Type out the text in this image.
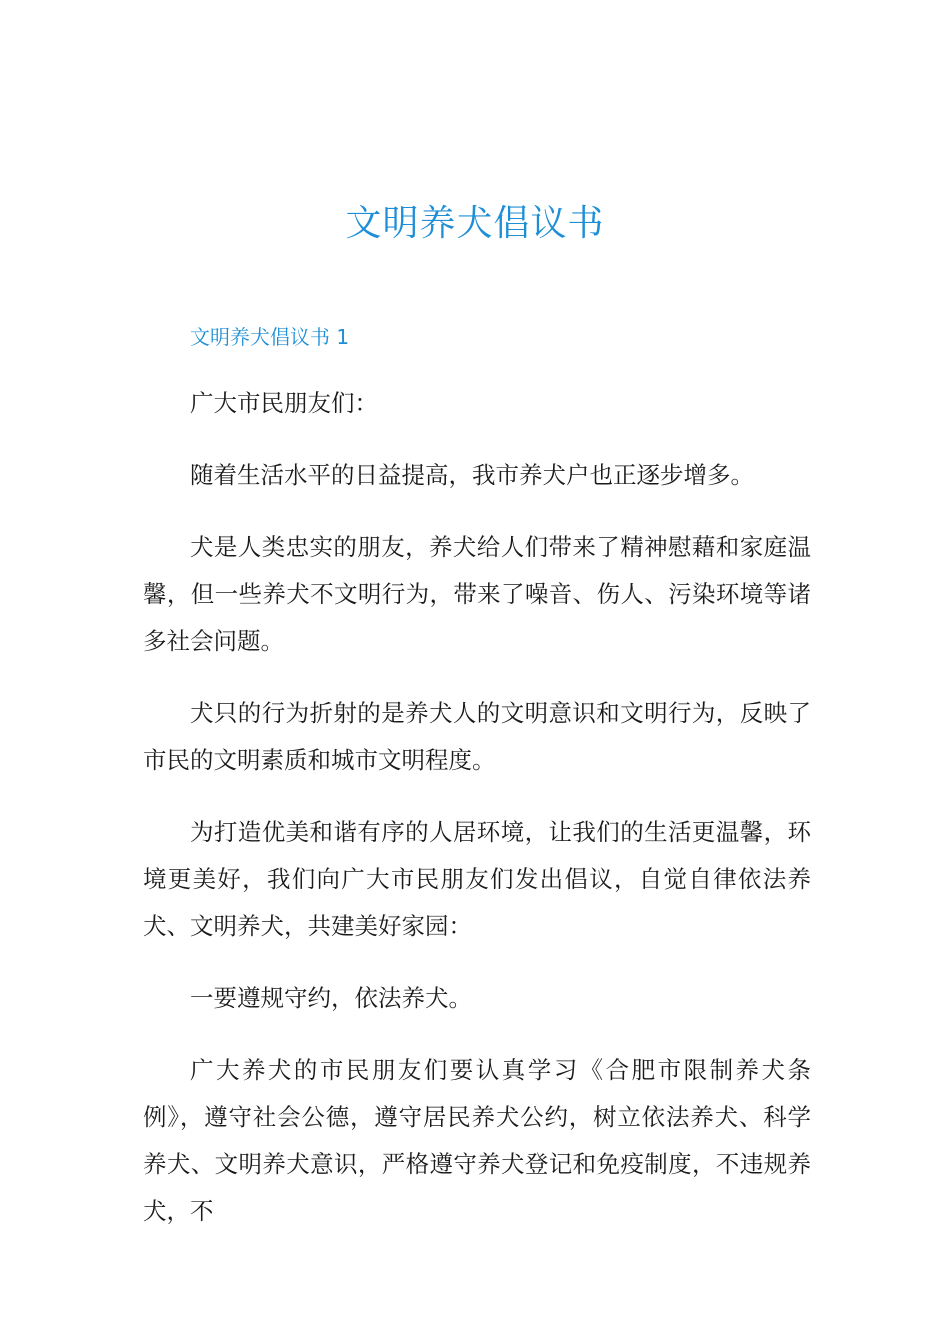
文明养犬倡议书
文明养犬倡议书 1

广大市民朋友们：

随着生活水平的日益提高，我市养犬户也正逐步增多。

犬是人类忠实的朋友，养犬给人们带来了精神慰藉和家庭温馨，但一些养犬不文明行为，带来了噪音、伤人、污染环境等诸多社会问题。

犬只的行为折射的是养犬人的文明意识和文明行为，反映了市民的文明素质和城市文明程度。

为打造优美和谐有序的人居环境，让我们的生活更温馨，环境更美好，我们向广大市民朋友们发出倡议，自觉自律依法养犬、文明养犬，共建美好家园：

一要遵规守约，依法养犬。

广大养犬的市民朋友们要认真学习《合肥市限制养犬条例》，遵守社会公德，遵守居民养犬公约，树立依法养犬、科学养犬、文明养犬意识，严格遵守养犬登记和免疫制度，不违规养犬，不
